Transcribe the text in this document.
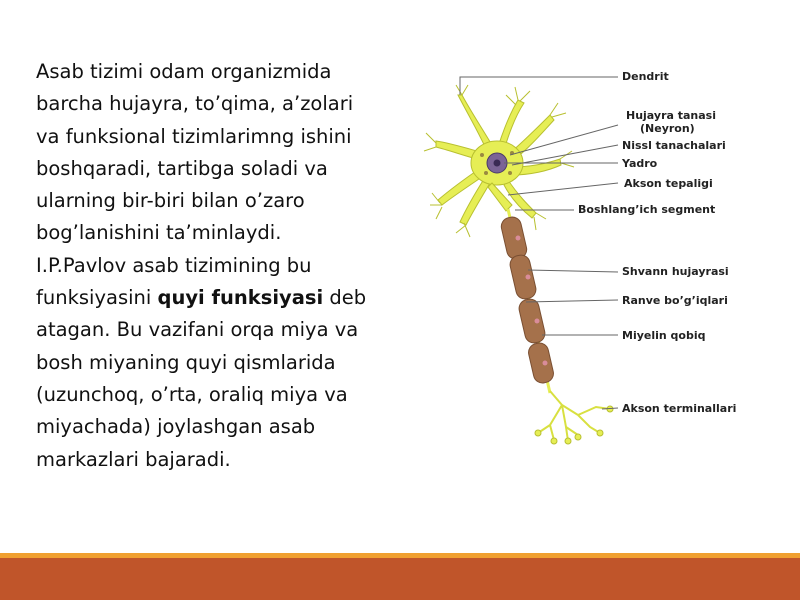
Asab tizimi odam organizmida
barcha hujayra, to’qima, a’zolari
va funksional tizimlarimng ishini
boshqaradi, tartibga soladi va
ularning bir-biri bilan o’zaro
bog’lanishini ta’minlaydi.
I.P.Pavlov asab tizimining bu
funksiyasini quyi funksiyasi deb
atagan. Bu vazifani orqa miya va
bosh miyaning quyi qismlarida
(uzunchoq, o’rta, oraliq miya va
miyachada) joylashgan asab
markazlari bajaradi.
Dendrit
Hujayra tanasi
(Neyron)
Nissl tanachalari
Yadro
Akson tepaligi
Boshlang’ich segment
Shvann hujayrasi
Ranve bo’g’iqlari
Miyelin qobiq
Akson terminallari
